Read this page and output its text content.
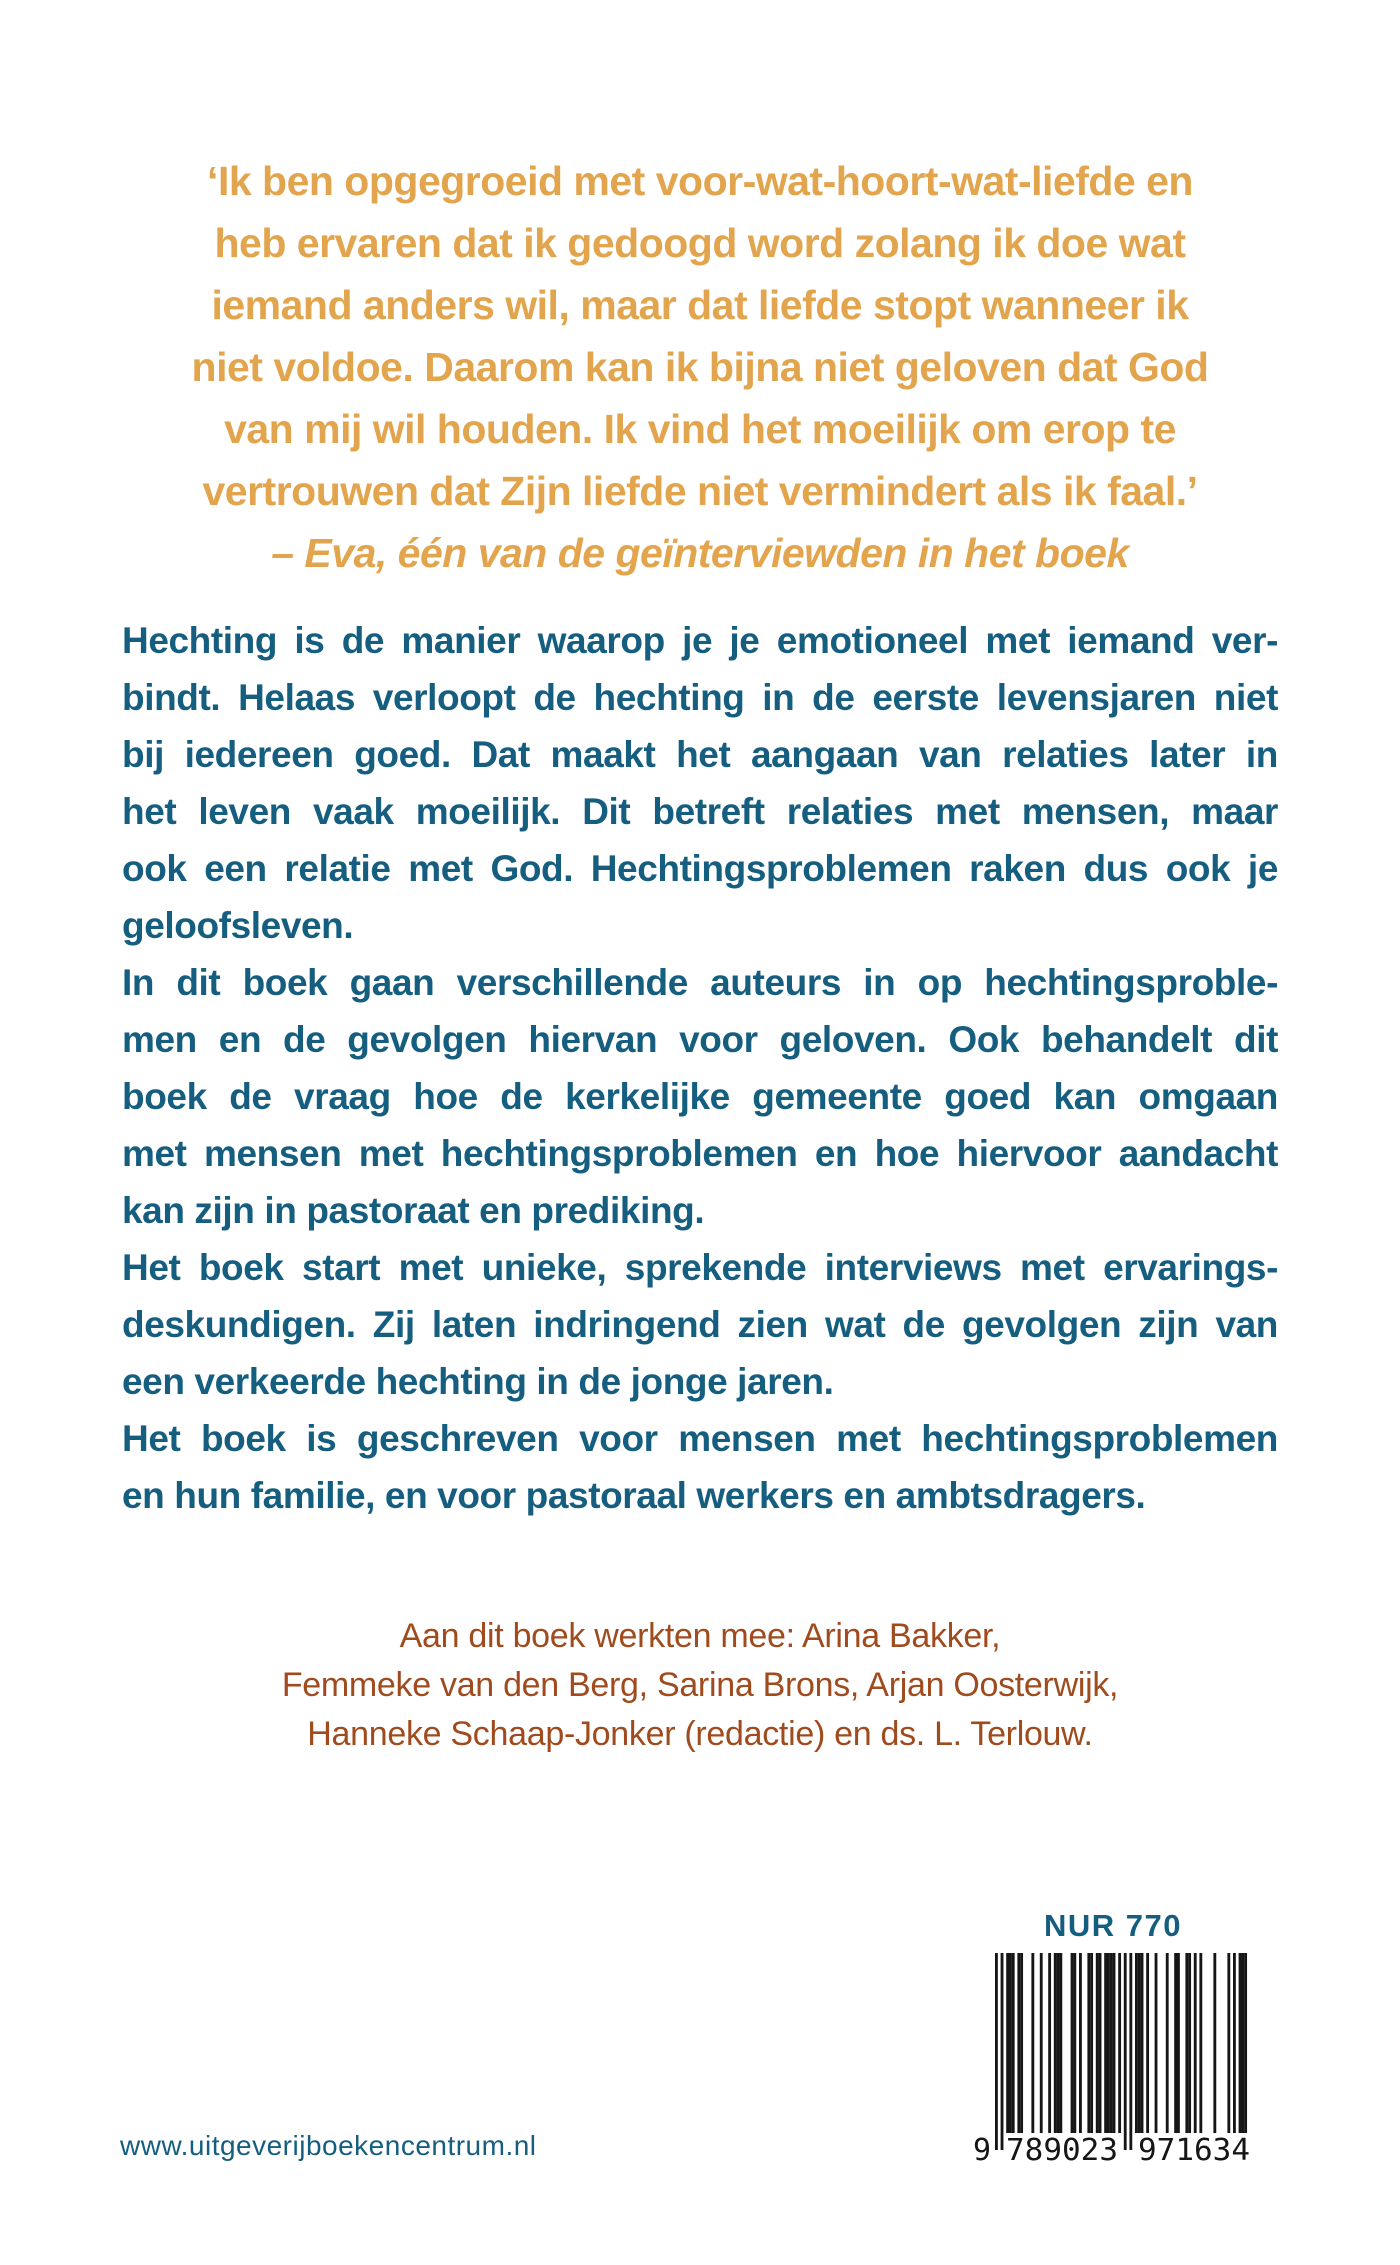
‘Ik ben opgegroeid met voor-wat-hoort-wat-liefde en
heb ervaren dat ik gedoogd word zolang ik doe wat
iemand anders wil, maar dat liefde stopt wanneer ik
niet voldoe. Daarom kan ik bijna niet geloven dat God
van mij wil houden. Ik vind het moeilijk om erop te
vertrouwen dat Zijn liefde niet vermindert als ik faal.’
– Eva, één van de geïnterviewden in het boek
Hechting is de manier waarop je je emotioneel met iemand ver-
bindt. Helaas verloopt de hechting in de eerste levensjaren niet
bij iedereen goed. Dat maakt het aangaan van relaties later in
het leven vaak moeilijk. Dit betreft relaties met mensen, maar
ook een relatie met God. Hechtingsproblemen raken dus ook je
geloofsleven.
In dit boek gaan verschillende auteurs in op hechtingsproble-
men en de gevolgen hiervan voor geloven. Ook behandelt dit
boek de vraag hoe de kerkelijke gemeente goed kan omgaan
met mensen met hechtingsproblemen en hoe hiervoor aandacht
kan zijn in pastoraat en prediking.
Het boek start met unieke, sprekende interviews met ervarings-
deskundigen. Zij laten indringend zien wat de gevolgen zijn van
een verkeerde hechting in de jonge jaren.
Het boek is geschreven voor mensen met hechtingsproblemen
en hun familie, en voor pastoraal werkers en ambtsdragers.
Aan dit boek werkten mee: Arina Bakker,
Femmeke van den Berg, Sarina Brons, Arjan Oosterwijk,
Hanneke Schaap-Jonker (redactie) en ds. L. Terlouw.
NUR 770
9 789023 971634
www.uitgeverijboekencentrum.nl
